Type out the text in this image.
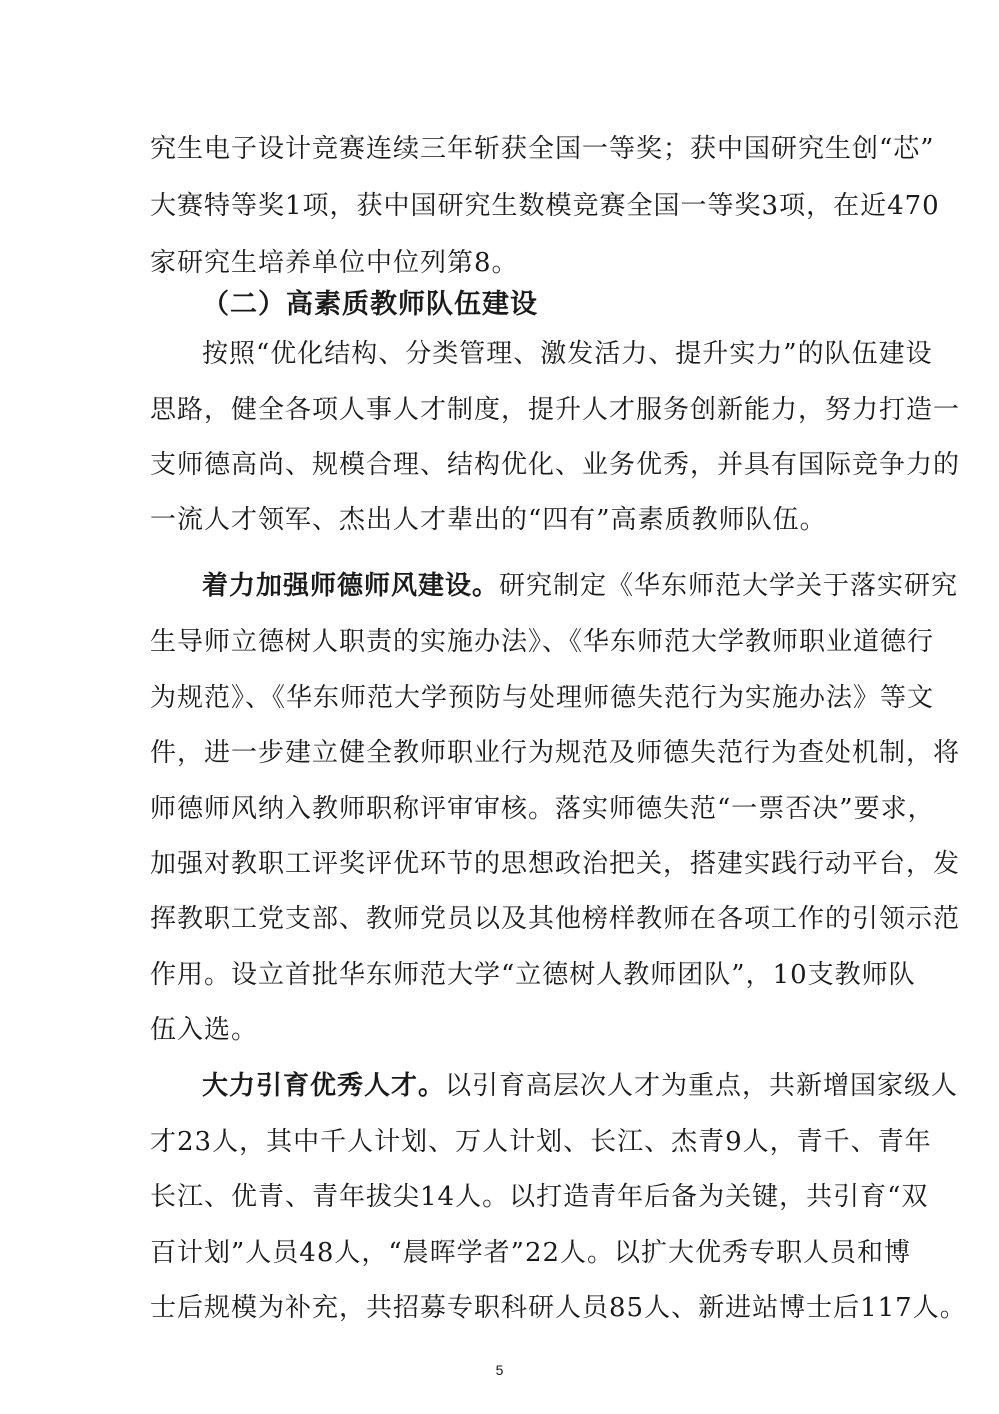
究生电子设计竞赛连续三年斩获全国一等奖；获中国研究生创“芯”
大赛特等奖1项，获中国研究生数模竞赛全国一等奖3项，在近470
家研究生培养单位中位列第8。
（二）高素质教师队伍建设
按照“优化结构、分类管理、激发活力、提升实力”的队伍建设
思路，健全各项人事人才制度，提升人才服务创新能力，努力打造一
支师德高尚、规模合理、结构优化、业务优秀，并具有国际竞争力的
一流人才领军、杰出人才辈出的“四有”高素质教师队伍。
着力加强师德师风建设。研究制定《华东师范大学关于落实研究
生导师立德树人职责的实施办法》、《华东师范大学教师职业道德行
为规范》、《华东师范大学预防与处理师德失范行为实施办法》等文
件，进一步建立健全教师职业行为规范及师德失范行为查处机制，将
师德师风纳入教师职称评审审核。落实师德失范“一票否决”要求，
加强对教职工评奖评优环节的思想政治把关，搭建实践行动平台，发
挥教职工党支部、教师党员以及其他榜样教师在各项工作的引领示范
作用。设立首批华东师范大学“立德树人教师团队”，10支教师队
伍入选。
大力引育优秀人才。以引育高层次人才为重点，共新增国家级人
才23人，其中千人计划、万人计划、长江、杰青9人，青千、青年
长江、优青、青年拔尖14人。以打造青年后备为关键，共引育“双
百计划”人员48人，“晨晖学者”22人。以扩大优秀专职人员和博
士后规模为补充，共招募专职科研人员85人、新进站博士后117人。
5
